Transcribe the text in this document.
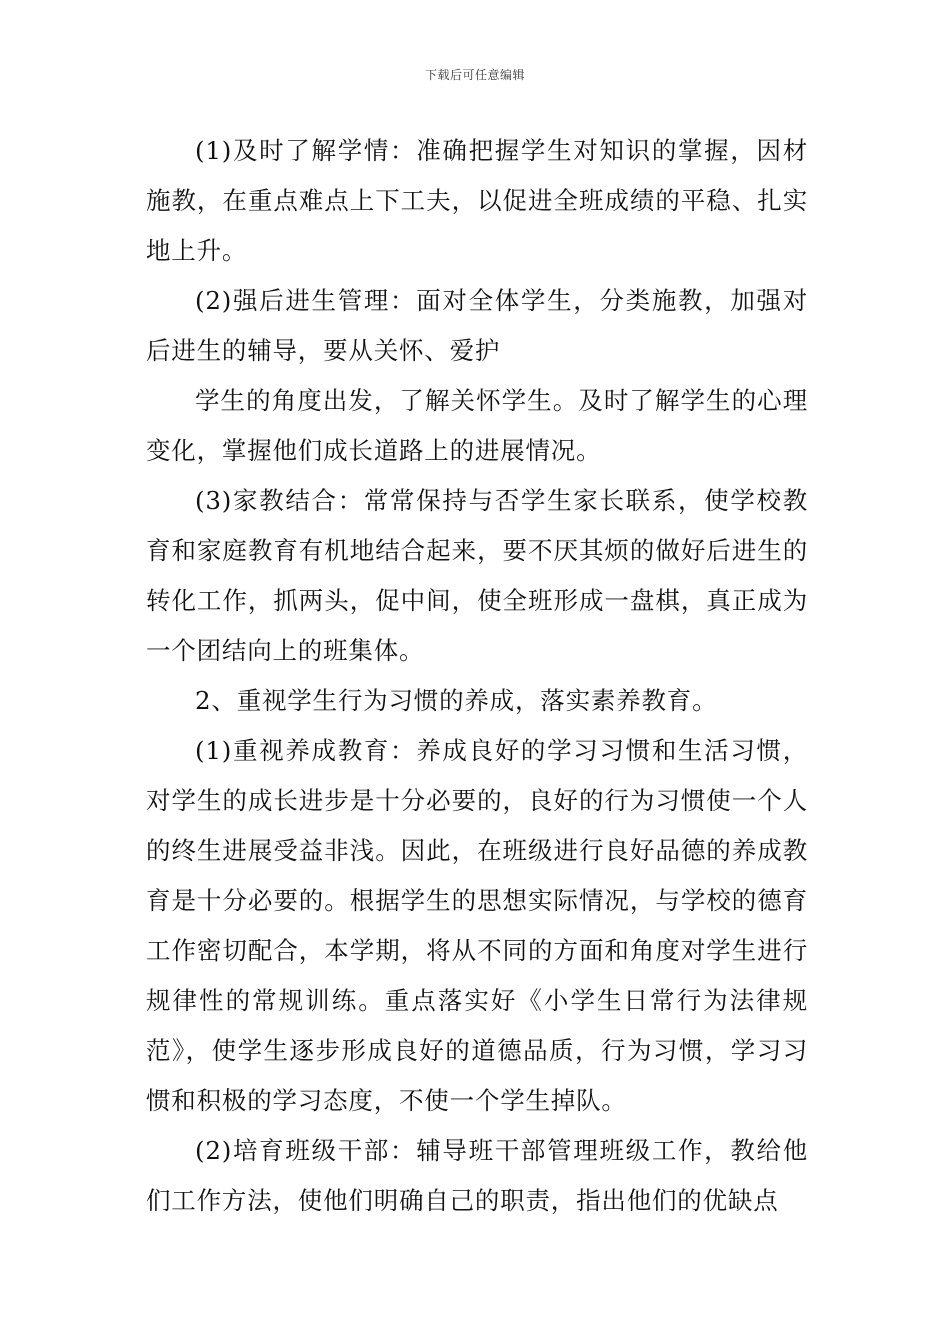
下载后可任意编辑

(1)及时了解学情：准确把握学生对知识的掌握，因材施教，在重点难点上下工夫，以促进全班成绩的平稳、扎实地上升。

(2)强后进生管理：面对全体学生，分类施教，加强对后进生的辅导，要从关怀、爱护

学生的角度出发，了解关怀学生。及时了解学生的心理变化，掌握他们成长道路上的进展情况。

(3)家教结合：常常保持与否学生家长联系，使学校教育和家庭教育有机地结合起来，要不厌其烦的做好后进生的转化工作，抓两头，促中间，使全班形成一盘棋，真正成为一个团结向上的班集体。

2、重视学生行为习惯的养成，落实素养教育。

(1)重视养成教育：养成良好的学习习惯和生活习惯，对学生的成长进步是十分必要的，良好的行为习惯使一个人的终生进展受益非浅。因此，在班级进行良好品德的养成教育是十分必要的。根据学生的思想实际情况，与学校的德育工作密切配合，本学期，将从不同的方面和角度对学生进行规律性的常规训练。重点落实好《小学生日常行为法律规范》，使学生逐步形成良好的道德品质，行为习惯，学习习惯和积极的学习态度，不使一个学生掉队。

(2)培育班级干部：辅导班干部管理班级工作，教给他们工作方法，使他们明确自己的职责，指出他们的优缺点
